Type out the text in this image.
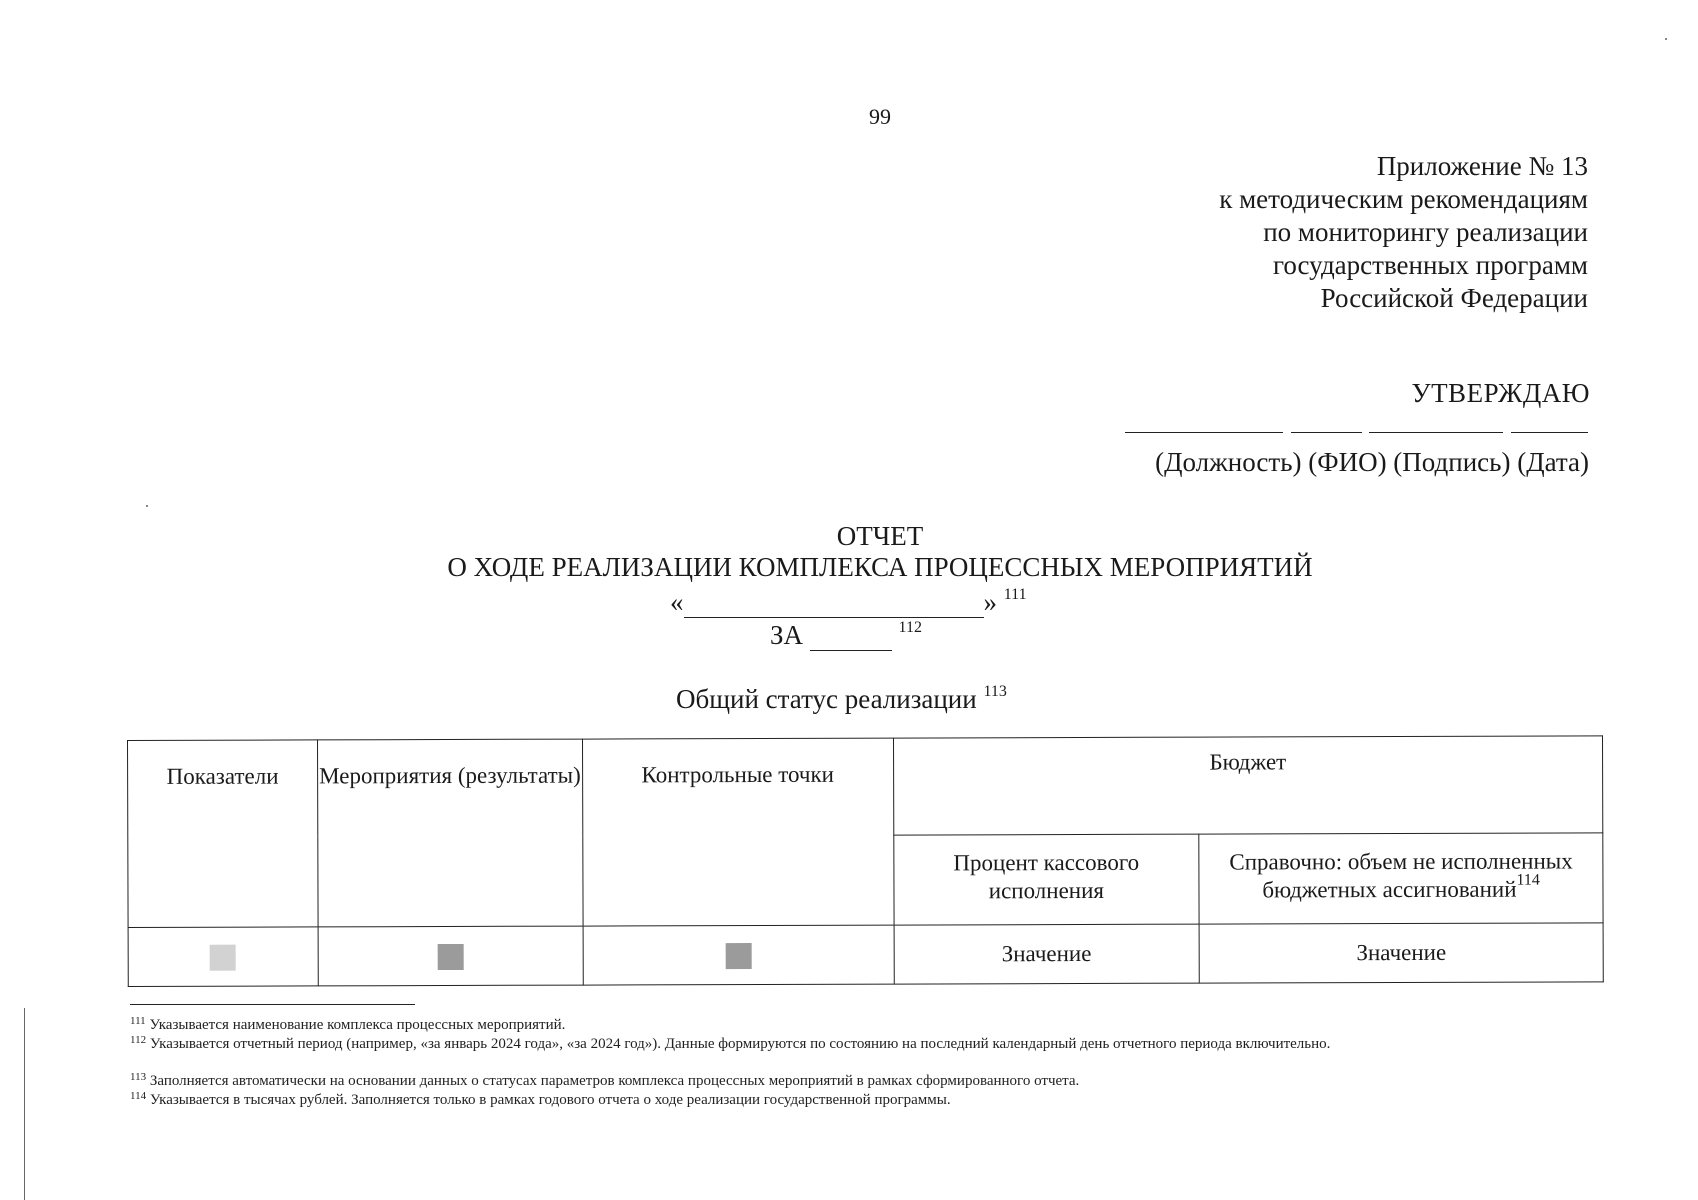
99
Приложение № 13
к методическим рекомендациям
по мониторингу реализации
государственных программ
Российской Федерации
УТВЕРЖДАЮ
(Должность) (ФИО) (Подпись) (Дата)
ОТЧЕТ
О ХОДЕ РЕАЛИЗАЦИИ КОМПЛЕКСА ПРОЦЕССНЫХ МЕРОПРИЯТИЙ
«	» $^{111}$
ЗА	$^{112}$
Общий статус реализации $^{113}$
Показатели	Мероприятия (результаты)	Контрольные точки	Бюджет	
			Процент кассового исполнения	Справочно: объем не исполненных бюджетных ассигнований$^{114}$
			Значение	Значение
$^{111}$ Указывается наименование комплекса процессных мероприятий.
$^{112}$ Указывается отчетный период (например, «за январь 2024 года», «за 2024 год»). Данные формируются по состоянию на последний календарный день отчетного периода включительно.
$^{113}$ Заполняется автоматически на основании данных о статусах параметров комплекса процессных мероприятий в рамках сформированного отчета.
$^{114}$ Указывается в тысячах рублей. Заполняется только в рамках годового отчета о ходе реализации государственной программы.
